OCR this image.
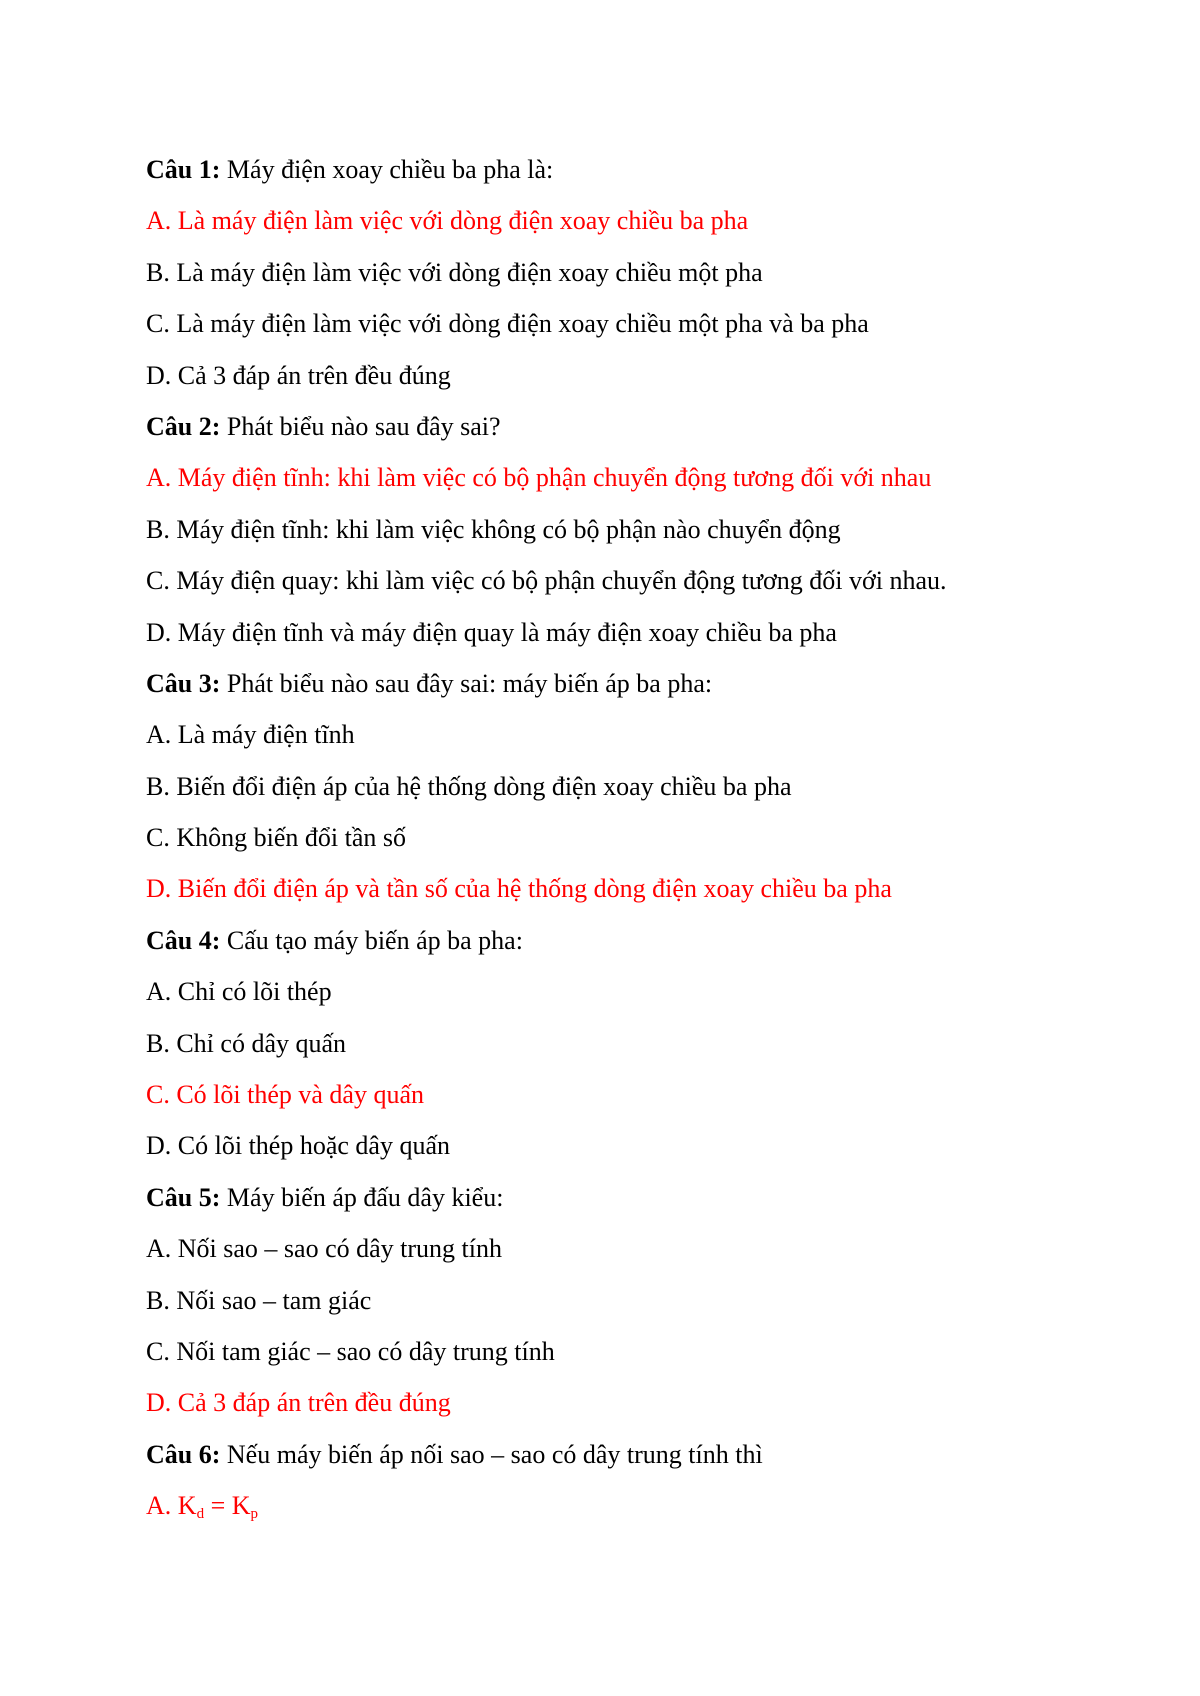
Câu 1: Máy điện xoay chiều ba pha là:
A. Là máy điện làm việc với dòng điện xoay chiều ba pha
B. Là máy điện làm việc với dòng điện xoay chiều một pha
C. Là máy điện làm việc với dòng điện xoay chiều một pha và ba pha
D. Cả 3 đáp án trên đều đúng
Câu 2: Phát biểu nào sau đây sai?
A. Máy điện tĩnh: khi làm việc có bộ phận chuyển động tương đối với nhau
B. Máy điện tĩnh: khi làm việc không có bộ phận nào chuyển động
C. Máy điện quay: khi làm việc có bộ phận chuyển động tương đối với nhau.
D. Máy điện tĩnh và máy điện quay là máy điện xoay chiều ba pha
Câu 3: Phát biểu nào sau đây sai: máy biến áp ba pha:
A. Là máy điện tĩnh
B. Biến đổi điện áp của hệ thống dòng điện xoay chiều ba pha
C. Không biến đổi tần số
D. Biến đổi điện áp và tần số của hệ thống dòng điện xoay chiều ba pha
Câu 4: Cấu tạo máy biến áp ba pha:
A. Chỉ có lõi thép
B. Chỉ có dây quấn
C. Có lõi thép và dây quấn
D. Có lõi thép hoặc dây quấn
Câu 5: Máy biến áp đấu dây kiểu:
A. Nối sao – sao có dây trung tính
B. Nối sao – tam giác
C. Nối tam giác – sao có dây trung tính
D. Cả 3 đáp án trên đều đúng
Câu 6: Nếu máy biến áp nối sao – sao có dây trung tính thì
A. $K_d = K_p$
